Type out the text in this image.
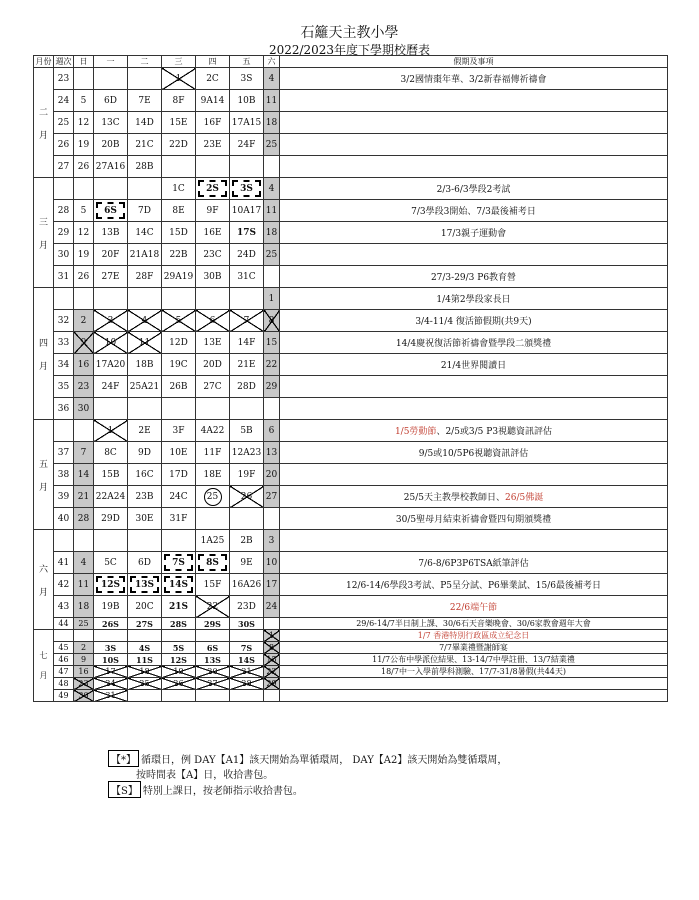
石籬天主教小學
2022/2023年度下學期校曆表
月份	週次	日	一	二	三	四	五	六	假期及事項
二

月	23				1	2C	3S	4	3/2國情棗年華、3/2新春福傳祈禱會
	24	5	6D	7E	8F	9A14	10B	11	
	25	12	13C	14D	15E	16F	17A15	18	
	26	19	20B	21C	22D	23E	24F	25	
	27	26	27A16	28B					
三

月					1C	2S	3S	4	2/3-6/3學段2考試
	28	5	6S	7D	8E	9F	10A17	11	7/3學段3開始、7/3最後補考日
	29	12	13B	14C	15D	16E	17S	18	17/3親子運動會
	30	19	20F	21A18	22B	23C	24D	25	
	31	26	27E	28F	29A19	30B	31C		27/3-29/3 P6教育營
四

月								1	1/4第2學段家長日
	32	2	3	4	5	6	7	8	3/4-11/4 復活節假期(共9天)
	33	9	10	11	12D	13E	14F	15	14/4慶祝復活節祈禱會暨學段二頒獎禮
	34	16	17A20	18B	19C	20D	21E	22	21/4世界閱讀日
	35	23	24F	25A21	26B	27C	28D	29	
	36	30							
五

月			1	2E	3F	4A22	5B	6	1/5勞動節、2/5或3/5 P3視聽資訊評估
	37	7	8C	9D	10E	11F	12A23	13	9/5或10/5P6視聽資訊評估
	38	14	15B	16C	17D	18E	19F	20	
	39	21	22A24	23B	24C	25	26	27	25/5天主教學校教師日、26/5佛誕
	40	28	29D	30E	31F				30/5聖母月結束祈禱會暨四旬期頒獎禮
六

月						1A25	2B	3	
	41	4	5C	6D	7S	8S	9E	10	7/6-8/6P3P6TSA紙筆評估
	42	11	12S	13S	14S	15F	16A26	17	12/6-14/6學段3考試、P5呈分試、P6畢業試、15/6最後補考日
	43	18	19B	20C	21S	22	23D	24	22/6端午節
	44	25	26S	27S	28S	29S	30S		29/6-14/7半日制上課、30/6石天音樂晚會、30/6家教會週年大會
七

月								1	1/7 香港特別行政區成立紀念日
	45	2	3S	4S	5S	6S	7S	8	7/7畢業禮暨謝師宴
	46	9	10S	11S	12S	13S	14S	15	11/7公布中學派位結果、13-14/7中學註冊、13/7結業禮
	47	16	17	18	19	20	21	22	18/7中一入學前學科測驗、17/7-31/8暑假(共44天)
	48	23	24	25	26	27	28	29	
	49	30	31						
【*】 循環日，例 DAY【A1】該天開始為單循環周， DAY【A2】該天開始為雙循環周，
按時間表【A】日，收拾書包。
【S】 特別上課日，按老師指示收拾書包。
